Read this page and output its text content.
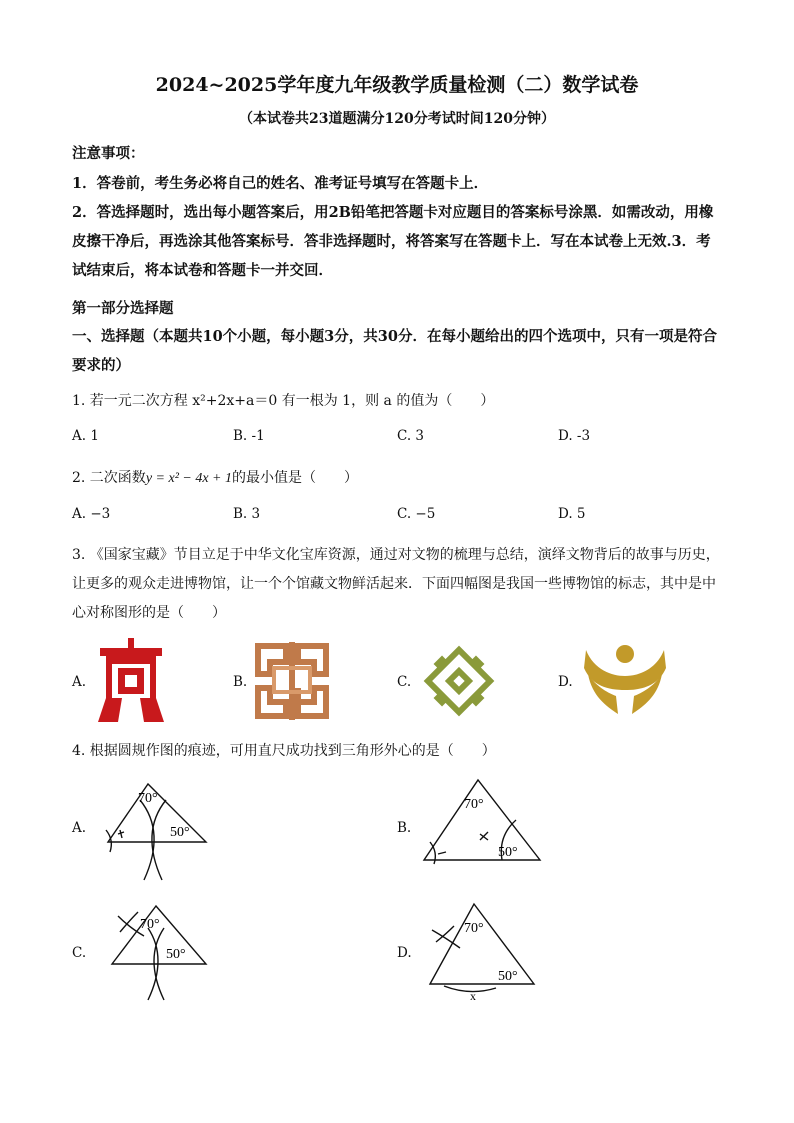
2024~2025学年度九年级教学质量检测（二）数学试卷
（本试卷共23道题满分120分考试时间120分钟）
注意事项：
1．答卷前，考生务必将自己的姓名、准考证号填写在答题卡上．
2．答选择题时，选出每小题答案后，用2B铅笔把答题卡对应题目的答案标号涂黑．如需改动，用橡皮擦干净后，再选涂其他答案标号．答非选择题时，将答案写在答题卡上．写在本试卷上无效.3．考试结束后，将本试卷和答题卡一并交回．
第一部分选择题
一、选择题（本题共10个小题，每小题3分，共30分．在每小题给出的四个选项中，只有一项是符合要求的）
1. 若一元二次方程 x²+2x+a＝0 有一根为 1，则 a 的值为（　　）
A. 1	B. -1	C. 3	D. -3
2. 二次函数y = x² − 4x + 1的最小值是（　　）
A. −3	B. 3	C. −5	D. 5
3. 《国家宝藏》节目立足于中华文化宝库资源，通过对文物的梳理与总结，演绎文物背后的故事与历史，让更多的观众走进博物馆，让一个个馆藏文物鲜活起来．下面四幅图是我国一些博物馆的标志，其中是中心对称图形的是（　　）
A.	B.	C.	D.
4. 根据圆规作图的痕迹，可用直尺成功找到三角形外心的是（　　）
A.	B.
C.	D.
70°
50°
70°
50°
70°
50°
70°
50°
x
